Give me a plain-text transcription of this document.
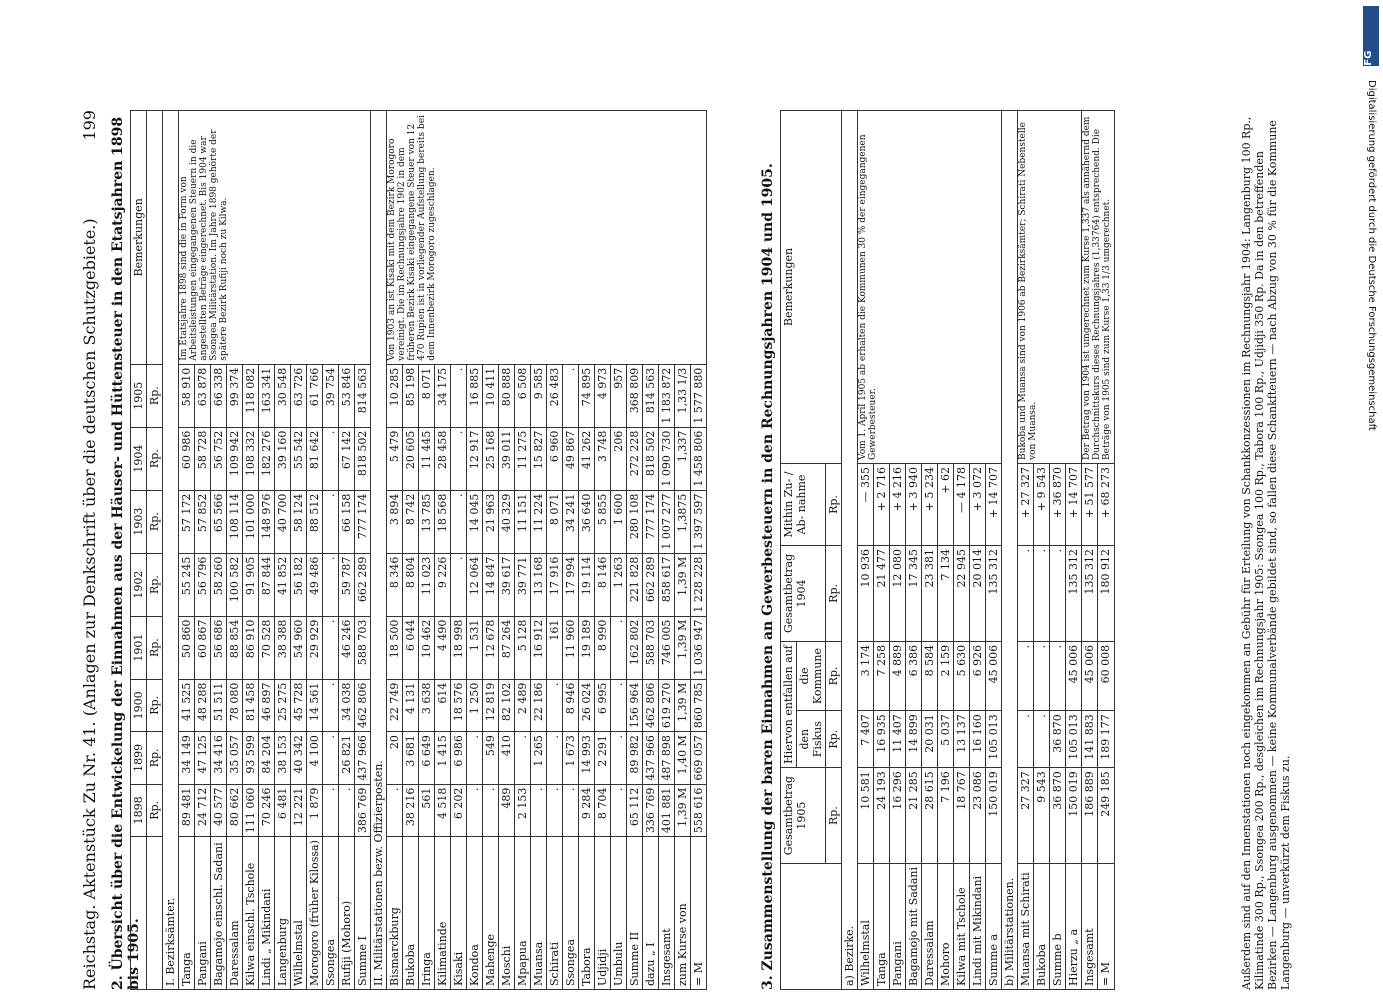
Reichstag. Aktenstück Zu Nr. 41. (Anlagen zur Denkschrift über die deutschen Schutzgebiete.)
199 2. Übersicht über die Entwickelung der Einnahmen aus der Häuser- und Hüttensteuer in den Etatsjahren 1898 bis 1905.
	1898	1899	1900	1901	1902	1903	1904	1905	Bemerkungen
	Rp.	Rp.	Rp.	Rp.	Rp.	Rp.	Rp.	Rp.	
I. Bezirksämter.									
Tanga	89 481	34 149	41 525	50 860	55 245	57 172	60 986	58 910	Im Etatsjahre 1898 sind die in Form von Arbeitsleistungen eingegangenen Steuern in die angestellten Beträge eingerechnet. Bis 1904 war Ssongea Militärstation. Im Jahre 1898 gehörte der spätere Bezirk Rufiji noch zu Kilwa.
Pangani	24 712	47 125	48 288	60 867	56 796	57 852	58 728	63 878	
Bagamojo einschl. Sadani	40 577	34 416	51 511	56 686	58 260	65 566	56 752	66 338	
Daressalam	80 662	35 057	78 080	88 854	100 582	108 114	109 942	99 374	
Kilwa einschl. Tschole	111 060	93 599	81 458	86 910	91 905	101 000	108 332	118 082	
Lindi „ Mikindani	70 246	84 204	46 897	70 528	87 844	148 976	182 276	163 341	
Langenburg	6 481	38 153	25 275	38 388	41 852	40 700	39 160	30 548	
Wilhelmstal	12 221	40 342	45 728	54 960	56 182	58 124	55 542	63 726	
Morogoro (früher Kilossa)	1 879	4 100	14 561	29 929	49 486	88 512	81 642	61 766	
Ssongea	.	.	.	.	.	.	.	39 754	
Rufiji (Mohoro)	.	26 821	34 038	46 246	59 787	66 158	67 142	53 846	
Summe I	386 769	437 966	462 806	588 703	662 289	777 174	818 502	814 563	
II. Militärstationen bezw. Offizierposten.									
Bismarckburg	.	20	22 749	18 500	8 346	3 894	5 479	10 285	Von 1903 an ist Kisaki mit dem Bezirk Morogoro vereinigt. Die im Rechnungsjahre 1902 in dem früheren Bezirk Kisaki eingegangene Steuer von 12 470 Rupien ist in vorliegender Aufstellung bereits bei dem Innenbezirk Morogoro zugeschlagen.
Bukoba	38 216	3 681	4 131	6 044	8 804	8 742	20 605	85 198	
Iringa	561	6 649	3 638	10 462	11 023	13 785	11 445	8 071	
Kilimatinde	4 518	1 415	614	4 490	9 226	18 568	28 458	34 175	
Kisaki	6 202	6 986	18 576	18 998	.	.	.	.	
Kondoa	.	.	1 250	1 531	12 064	14 045	12 917	16 885	
Mahenge	.	549	12 819	12 678	14 847	21 963	25 168	10 411	
Moschi	489	410	82 102	87 264	39 617	40 329	39 011	80 888	
Mpapua	2 153	.	2 489	5 128	39 771	11 151	11 275	6 508	
Muansa	.	1 265	22 186	16 912	13 168	11 224	15 827	9 585	
Schirati	.	.	.	161	17 916	8 071	6 960	26 483	
Ssongea	.	1 673	8 946	11 960	17 994	34 241	49 867	.	
Tabora	9 284	14 993	26 024	19 189	19 114	36 640	41 262	74 895	
Udjidji	8 704	2 291	6 995	8 990	8 146	5 855	3 748	4 973	
Umbulu	.	.	.	.	1 263	1 600	206	957	
Summe II	65 112	89 982	156 964	162 802	221 828	280 108	272 228	368 809	
dazu „ I	336 769	437 966	462 806	588 703	662 289	777 174	818 502	814 563	
Insgesamt	401 881	487 898	619 270	746 005	858 617	1 007 277	1 090 730	1 183 872	
zum Kurse von	1,39 M	1,40 M	1,39 M	1,39 M	1,39 M	1,3875	1,337	1,33 1/3	
= M	558 616	669 057	860 785	1 036 947	1 228 228	1 397 597	1 458 806	1 577 880		3. Zusammenstellung der baren Einnahmen an Gewerbesteuern in den Rechnungsjahren 1904 und 1905.
	Gesamtbetrag 1905	Hiervon entfallen auf		Gesamtbetrag 1904	Mithin Zu- / Ab- nahme	Bemerkungen
		den Fiskus	die Kommune			
	Rp.	Rp.	Rp.	Rp.	Rp.	
a) Bezirke.						
Wilhelmstal	10 581	7 407	3 174	10 936	— 355	Vom 1. April 1905 ab erhalten die Kommunen 30 % der eingegangenen Gewerbesteuer.
Tanga	24 193	16 935	7 258	21 477	+ 2 716	
Pangani	16 296	11 407	4 889	12 080	+ 4 216	
Bagamojo mit Sadani	21 285	14 899	6 386	17 345	+ 3 940	
Daressalam	28 615	20 031	8 584	23 381	+ 5 234	
Mohoro	7 196	5 037	2 159	7 134	+ 62	
Kilwa mit Tschole	18 767	13 137	5 630	22 945	— 4 178	
Lindi mit Mikindani	23 086	16 160	6 926	20 014	+ 3 072	
Summe a	150 019	105 013	45 006	135 312	+ 14 707	
b) Militärstationen.						
Muansa mit Schirati	27 327	.	.	.	+ 27 327	Bukoba und Muansa sind von 1906 ab Bezirksämter; Schirati Nebenstelle von Muansa.
Bukoba	9 543	.	.	.	+ 9 543	
Summe b	36 870	36 870	.	.	+ 36 870	
Hierzu „ a	150 019	105 013	45 006	135 312	+ 14 707	
Insgesamt	186 889	141 883	45 006	135 312	+ 51 577	Der Betrag von 1904 ist umgerechnet zum Kurse 1,337 als annähernd dem Durchschnittskurs dieses Rechnungsjahres (1,33764) entsprechend. Die Beträge von 1905 sind zum Kurse 1,33 1/3 umgerechnet.
= M	249 185	189 177	60 008	180 912	+ 68 273		Außerdem sind auf den Innenstationen noch eingekommen an Gebühr für Erteilung von Schankkonzessionen im Rechnungsjahr 1904: Langenburg 100 Rp., Kilimatinde 300 Rp., Ssongea 200 Rp., desgleichen im Rechnungsjahr 1905: Ssongea 100 Rp., Tabora 100 Rp., Udjidji 350 Rp. Da in den betreffenden Bezirken — Langenburg ausgenommen — keine Kommunalverbände gebildet sind, so fallen diese Schankfteuern — nach Abzug von 30 % für die Kommune Langenburg — unverkürzt dem Fiskus zu.
DFG
Digitalisierung gefördert durch die Deutsche Forschungsgemeinschaft
